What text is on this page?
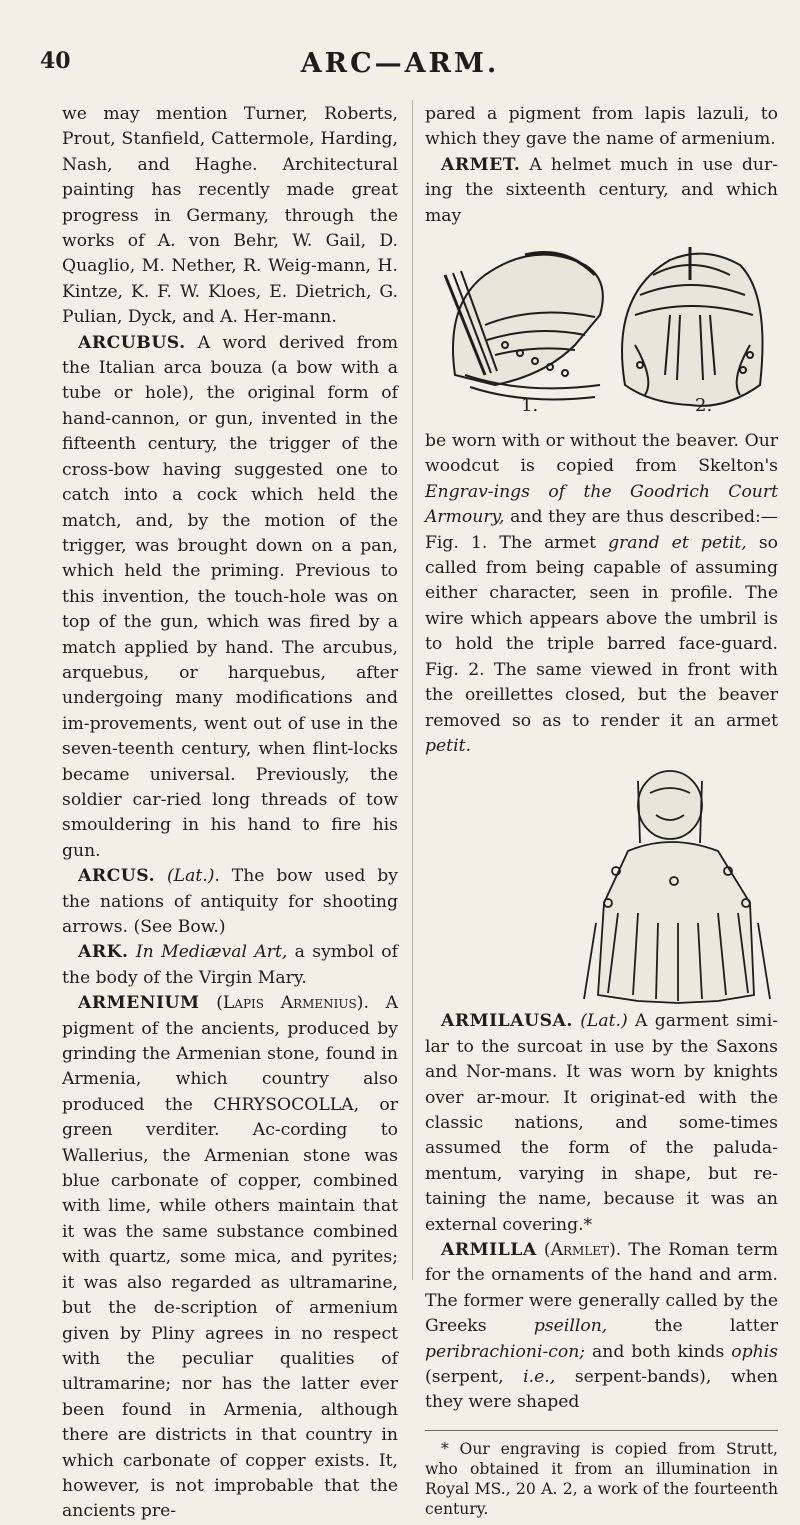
40	ARC—ARM.

we may mention Turner, Roberts, Prout, Stanfield, Cattermole, Harding, Nash, and Haghe. Architectural painting has recently made great progress in Germany, through the works of A. von Behr, W. Gail, D. Quaglio, M. Nether, R. Weig-mann, H. Kintze, K. F. W. Kloes, E. Dietrich, G. Pulian, Dyck, and A. Her-mann.

ARCUBUS. A word derived from the Italian arca bouza (a bow with a tube or hole), the original form of hand-cannon, or gun, invented in the fifteenth century, the trigger of the cross-bow having suggested one to catch into a cock which held the match, and, by the motion of the trigger, was brought down on a pan, which held the priming. Previous to this invention, the touch-hole was on top of the gun, which was fired by a match applied by hand. The arcubus, arquebus, or harquebus, after undergoing many modifications and im-provements, went out of use in the seven-teenth century, when flint-locks became universal. Previously, the soldier car-ried long threads of tow smouldering in his hand to fire his gun.

ARCUS. (Lat.). The bow used by the nations of antiquity for shooting arrows. (See Bow.)

ARK. In Mediæval Art, a symbol of the body of the Virgin Mary.

ARMENIUM (Lapis Armenius). A pigment of the ancients, produced by grinding the Armenian stone, found in Armenia, which country also produced the CHRYSOCOLLA, or green verditer. Ac-cording to Wallerius, the Armenian stone was blue carbonate of copper, combined with lime, while others maintain that it was the same substance combined with quartz, some mica, and pyrites; it was also regarded as ultramarine, but the de-scription of armenium given by Pliny agrees in no respect with the peculiar qualities of ultramarine; nor has the latter ever been found in Armenia, although there are districts in that country in which carbonate of copper exists. It, however, is not improbable that the ancients pre-

pared a pigment from lapis lazuli, to which they gave the name of armenium.

ARMET. A helmet much in use dur-ing the sixteenth century, and which may

1.	2.

be worn with or without the beaver. Our woodcut is copied from Skelton's Engrav-ings of the Goodrich Court Armoury, and they are thus described:—Fig. 1. The armet grand et petit, so called from being capable of assuming either character, seen in profile. The wire which appears above the umbril is to hold the triple barred face-guard. Fig. 2. The same viewed in front with the oreillettes closed, but the beaver removed so as to render it an armet petit.

ARMILAUSA. (Lat.) A garment simi-lar to the surcoat in use by the Saxons and Nor-mans. It was worn by knights over ar-mour. It originat-ed with the classic nations, and some-times assumed the form of the paluda-mentum, varying in shape, but re-taining the name, because it was an external covering.*

ARMILLA (Armlet). The Roman term for the ornaments of the hand and arm. The former were generally called by the Greeks pseillon, the latter peribrachioni-con; and both kinds ophis (serpent, i.e., serpent-bands), when they were shaped

* Our engraving is copied from Strutt, who obtained it from an illumination in Royal MS., 20 A. 2, a work of the fourteenth century.
